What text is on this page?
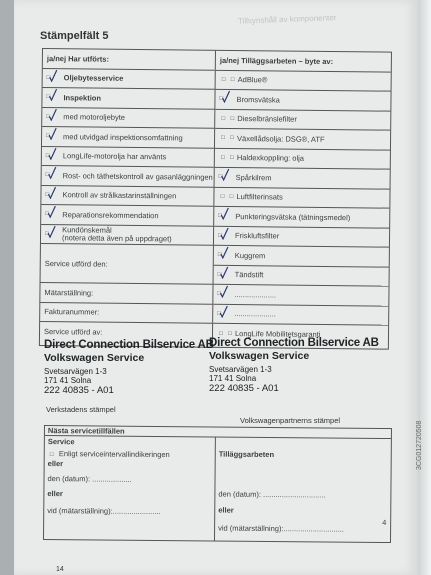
3CG012720508
Tillsynshåll av komponenter
Stämpelfält 5
ja/nej Har utförts:	ja/nej Tilläggsarbeten – byte av:
□ Oljebytesservice
□ Inspektion
□ med motoroljebyte
□ med utvidgad inspektionsomfattning
□ LongLife-motorolja har använts
□ Rost- och täthetskontroll av gasanläggningen
□ Kontroll av strålkastarinställningen
□ Reparationsrekommendation
□ Kundönskemål
(notera detta även på uppdraget)
Service utförd den:
Mätarställning:
Fakturanummer:
Service utförd av:
□ □ AdBlue®
□ Bromsvätska
□ □ Dieselbränslefilter
□ □ Växellådsolja: DSG®, ATF
□ □ Haldexkoppling: olja
□ Spårkilrem
□ □ Luftfilterinsats
□ Punkteringsvätska (tätningsmedel)
□ Friskluftsfilter
□ Kuggrem
□ Tändstift
□ ....................
□ ....................
□ □ LongLife Mobilitetsgaranti
Direct Connection Bilservice AB
Volkswagen Service
Svetsarvägen 1-3
171 41 Solna
222 40835 - A01
Verkstadens stämpel
Direct Connection Bilservice AB
Volkswagen Service
Svetsarvägen 1-3
171 41 Solna
222 40835 - A01
Volkswagenpartnerns stämpel
Nästa servicetillfällen
Service
□ Enligt serviceintervallindikeringen
eller
den (datum): ...................
eller
vid (mätarställning):.......................
Tilläggsarbeten
den (datum): ..............................
eller
vid (mätarställning):.............................
4
14
